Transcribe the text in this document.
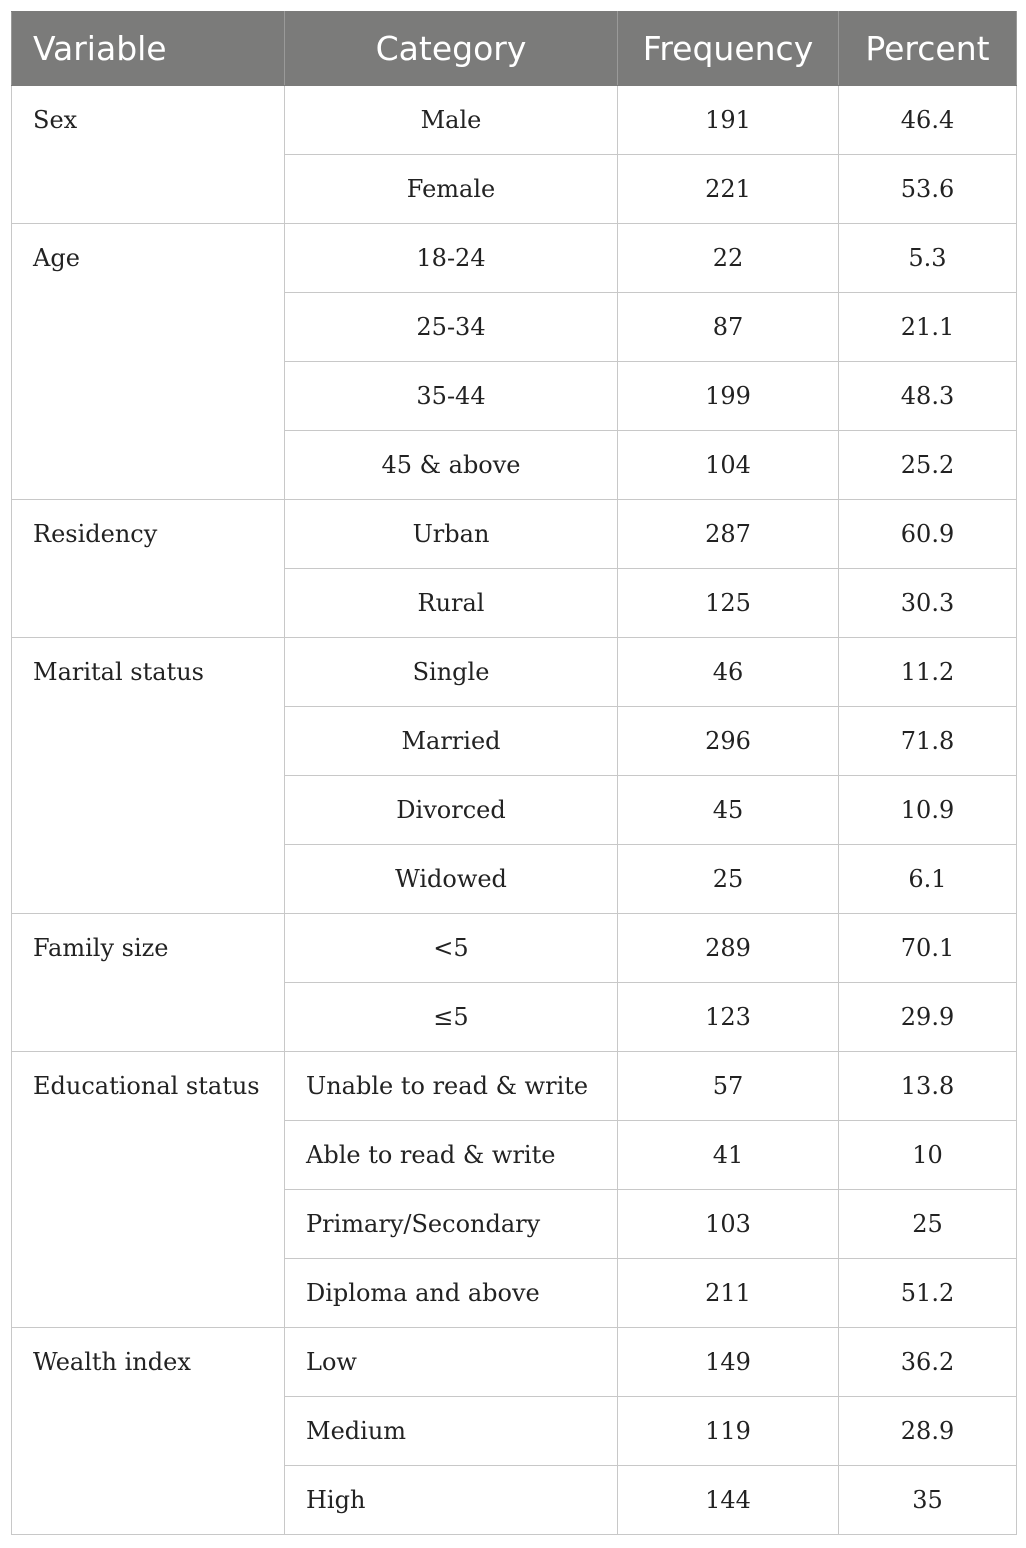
Variable	Category	Frequency	Percent
Sex	Male	191	46.4
	Female	221	53.6
Age	18-24	22	5.3
	25-34	87	21.1
	35-44	199	48.3
	45 & above	104	25.2
Residency	Urban	287	60.9
	Rural	125	30.3
Marital status	Single	46	11.2
	Married	296	71.8
	Divorced	45	10.9
	Widowed	25	6.1
Family size	<5	289	70.1
	≤5	123	29.9
Educational status	Unable to read & write	57	13.8
	Able to read & write	41	10
	Primary/Secondary	103	25
	Diploma and above	211	51.2
Wealth index	Low	149	36.2
	Medium	119	28.9
	High	144	35
